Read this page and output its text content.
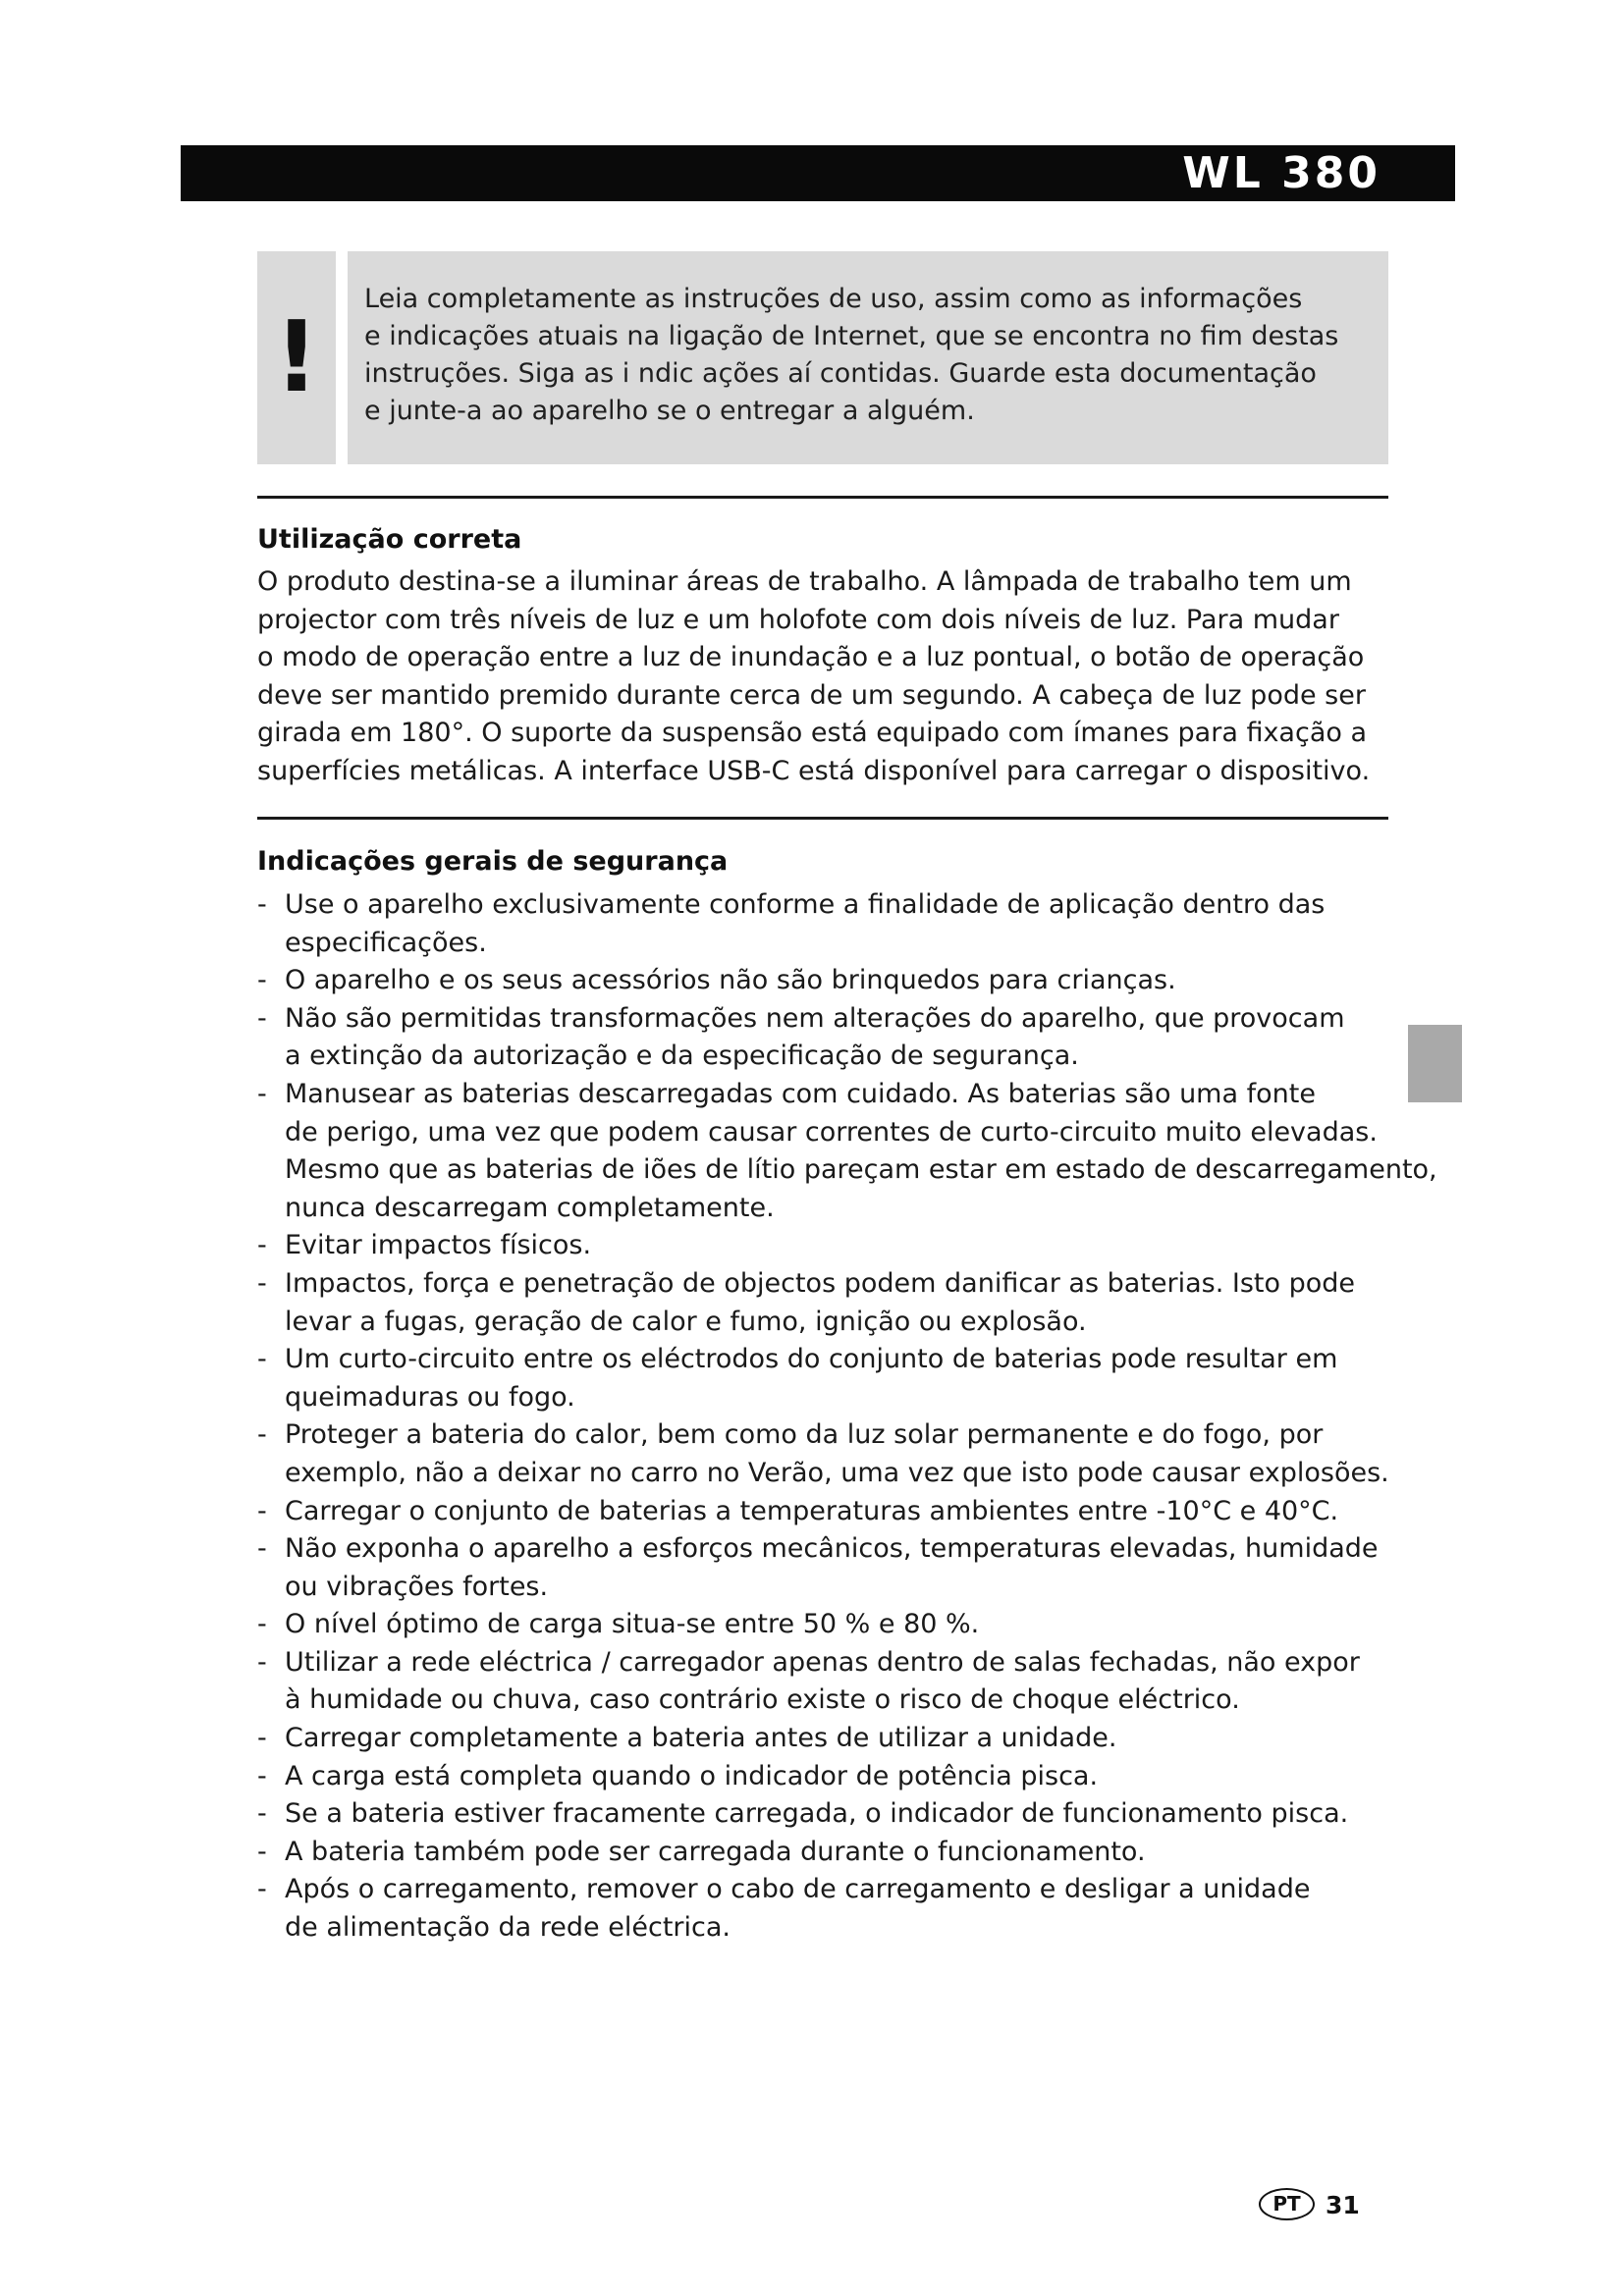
WL 380
!
Leia completamente as instruções de uso, assim como as informações
e indicações atuais na ligação de Internet, que se encontra no fim destas
instruções. Siga as i ndic ações aí contidas. Guarde esta documentação
e junte-a ao aparelho se o entregar a alguém.
Utilização correta
O produto destina-se a iluminar áreas de trabalho. A lâmpada de trabalho tem um
projector com três níveis de luz e um holofote com dois níveis de luz. Para mudar
o modo de operação entre a luz de inundação e a luz pontual, o botão de operação
deve ser mantido premido durante cerca de um segundo. A cabeça de luz pode ser
girada em 180°. O suporte da suspensão está equipado com ímanes para fixação a
superfícies metálicas. A interface USB-C está disponível para carregar o dispositivo.
Indicações gerais de segurança
- Use o aparelho exclusivamente conforme a finalidade de aplicação dentro das
especificações.
- O aparelho e os seus acessórios não são brinquedos para crianças.
- Não são permitidas transformações nem alterações do aparelho, que provocam
a extinção da autorização e da especificação de segurança.
- Manusear as baterias descarregadas com cuidado. As baterias são uma fonte
de perigo, uma vez que podem causar correntes de curto-circuito muito elevadas.
Mesmo que as baterias de iões de lítio pareçam estar em estado de descarregamento,
nunca descarregam completamente.
- Evitar impactos físicos.
- Impactos, força e penetração de objectos podem danificar as baterias. Isto pode
levar a fugas, geração de calor e fumo, ignição ou explosão.
- Um curto-circuito entre os eléctrodos do conjunto de baterias pode resultar em
queimaduras ou fogo.
- Proteger a bateria do calor, bem como da luz solar permanente e do fogo, por
exemplo, não a deixar no carro no Verão, uma vez que isto pode causar explosões.
- Carregar o conjunto de baterias a temperaturas ambientes entre -10°C e 40°C.
- Não exponha o aparelho a esforços mecânicos, temperaturas elevadas, humidade
ou vibrações fortes.
- O nível óptimo de carga situa-se entre 50 % e 80 %.
- Utilizar a rede eléctrica / carregador apenas dentro de salas fechadas, não expor
à humidade ou chuva, caso contrário existe o risco de choque eléctrico.
- Carregar completamente a bateria antes de utilizar a unidade.
- A carga está completa quando o indicador de potência pisca.
- Se a bateria estiver fracamente carregada, o indicador de funcionamento pisca.
- A bateria também pode ser carregada durante o funcionamento.
- Após o carregamento, remover o cabo de carregamento e desligar a unidade
de alimentação da rede eléctrica.
PT	31
